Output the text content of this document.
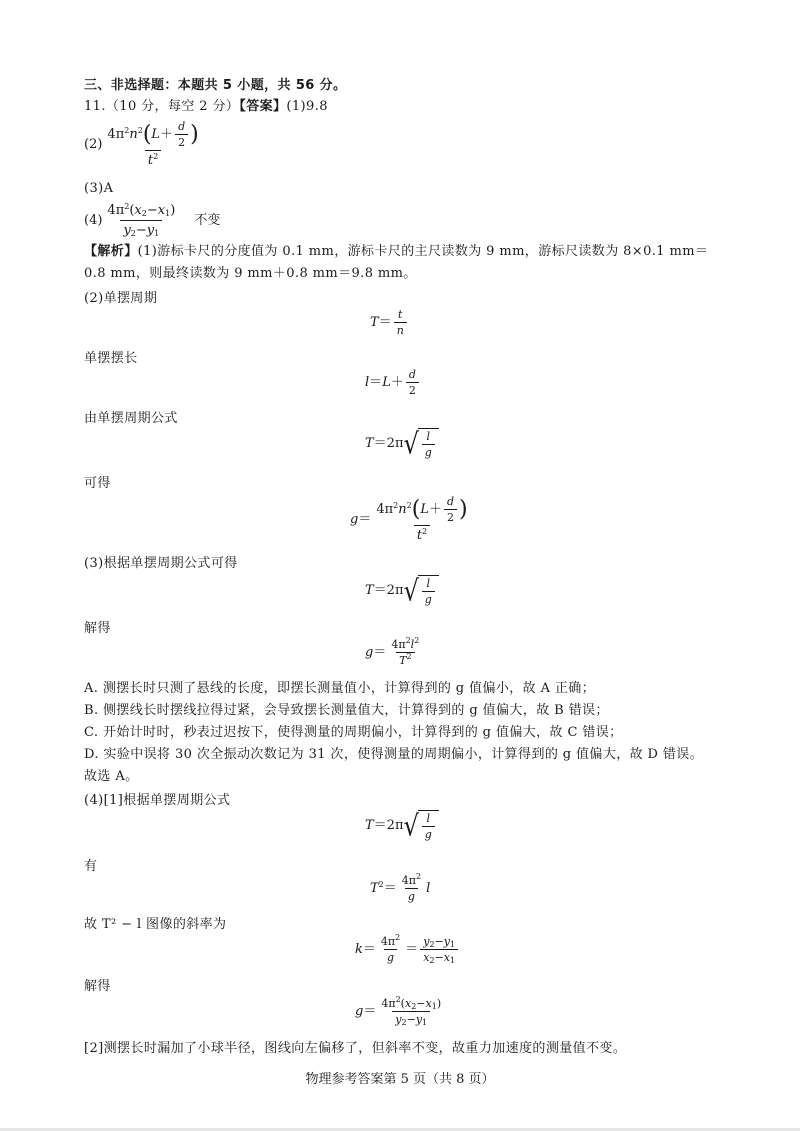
三、非选择题：本题共 5 小题，共 56 分。
11.（10 分，每空 2 分）【答案】(1)9.8
$(2) \frac{4\pi^2n^2(L+ \frac{d}{2} )}{t^2}$
(3)A
$(4) \frac{4\pi^2(x_2-x_1)}{y_2-y_1}$ 不变
【解析】(1)游标卡尺的分度值为 0.1 mm，游标卡尺的主尺读数为 9 mm，游标尺读数为 8×0.1 mm＝
0.8 mm，则最终读数为 9 mm＋0.8 mm＝9.8 mm。
(2)单摆周期
$T= \frac{t}{n}$
单摆摆长
$l=L+ \frac{d}{2}$
由单摆周期公式
T＝2π √ $\frac{l}{g}$
可得
$g= \frac{4\pi^2n^2(L+ \frac{d}{2} )}{t^2}$
(3)根据单摆周期公式可得
T＝2π √ $\frac{l}{g}$
解得
$g= \frac{4\pi^2l^2}{T^2}$
A. 测摆长时只测了悬线的长度，即摆长测量值小，计算得到的 g 值偏小，故 A 正确；
B. 侧摆线长时摆线拉得过紧，会导致摆长测量值大，计算得到的 g 值偏大，故 B 错误；
C. 开始计时时，秒表过迟按下，使得测量的周期偏小，计算得到的 g 值偏大，故 C 错误；
D. 实验中误将 30 次全振动次数记为 31 次，使得测量的周期偏小，计算得到的 g 值偏大，故 D 错误。
故选 A。
(4)[1]根据单摆周期公式
T＝2π √ $\frac{l}{g}$
有
$T^2= \frac{4\pi^2}{g}$ l
故 T² − l 图像的斜率为
$k= \frac{4\pi^2}{g} = \frac{y_2-y_1}{x_2-x_1}$
解得
$g= \frac{4\pi^2(x_2-x_1)}{y_2-y_1}$
[2]测摆长时漏加了小球半径，图线向左偏移了，但斜率不变，故重力加速度的测量值不变。
物理参考答案第 5 页（共 8 页）
